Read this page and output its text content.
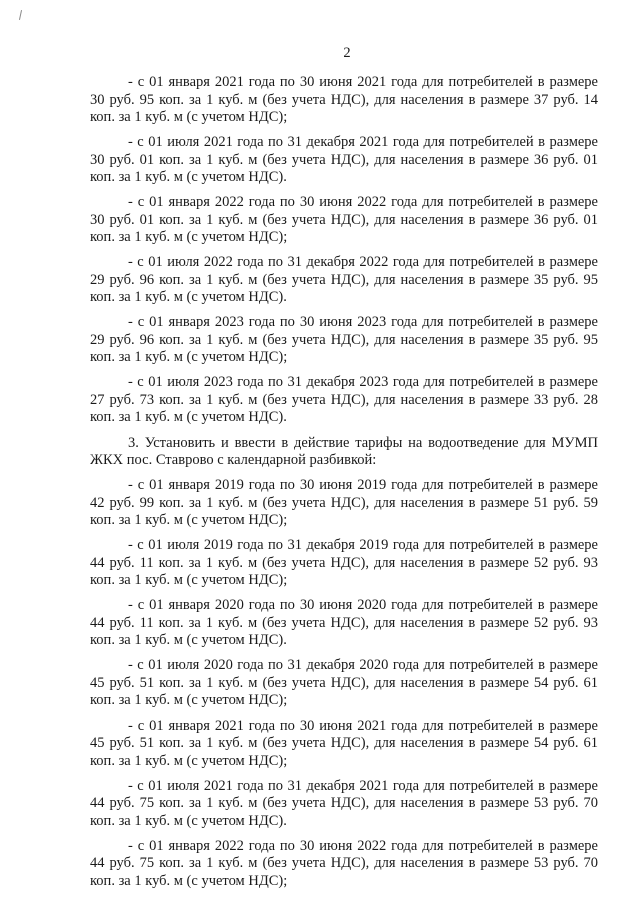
2

- с 01 января 2021 года по 30 июня 2021 года для потребителей в размере 30 руб. 95 коп. за 1 куб. м (без учета НДС), для населения в размере 37 руб. 14 коп. за 1 куб. м (с учетом НДС);

- с 01 июля 2021 года по 31 декабря 2021 года для потребителей в размере 30 руб. 01 коп. за 1 куб. м (без учета НДС), для населения в размере 36 руб. 01 коп. за 1 куб. м (с учетом НДС).

- с 01 января 2022 года по 30 июня 2022 года для потребителей в размере 30 руб. 01 коп. за 1 куб. м (без учета НДС), для населения в размере 36 руб. 01 коп. за 1 куб. м (с учетом НДС);

- с 01 июля 2022 года по 31 декабря 2022 года для потребителей в размере 29 руб. 96 коп. за 1 куб. м (без учета НДС), для населения в размере 35 руб. 95 коп. за 1 куб. м (с учетом НДС).

- с 01 января 2023 года по 30 июня 2023 года для потребителей в размере 29 руб. 96 коп. за 1 куб. м (без учета НДС), для населения в размере 35 руб. 95 коп. за 1 куб. м (с учетом НДС);

- с 01 июля 2023 года по 31 декабря 2023 года для потребителей в размере 27 руб. 73 коп. за 1 куб. м (без учета НДС), для населения в размере 33 руб. 28 коп. за 1 куб. м (с учетом НДС).

3. Установить и ввести в действие тарифы на водоотведение для МУМП ЖКХ пос. Ставрово с календарной разбивкой:

- с 01 января 2019 года по 30 июня 2019 года для потребителей в размере 42 руб. 99 коп. за 1 куб. м (без учета НДС), для населения в размере 51 руб. 59 коп. за 1 куб. м (с учетом НДС);

- с 01 июля 2019 года по 31 декабря 2019 года для потребителей в размере 44 руб. 11 коп. за 1 куб. м (без учета НДС), для населения в размере 52 руб. 93 коп. за 1 куб. м (с учетом НДС);

- с 01 января 2020 года по 30 июня 2020 года для потребителей в размере 44 руб. 11 коп. за 1 куб. м (без учета НДС), для населения в размере 52 руб. 93 коп. за 1 куб. м (с учетом НДС).

- с 01 июля 2020 года по 31 декабря 2020 года для потребителей в размере 45 руб. 51 коп. за 1 куб. м (без учета НДС), для населения в размере 54 руб. 61 коп. за 1 куб. м (с учетом НДС);

- с 01 января 2021 года по 30 июня 2021 года для потребителей в размере 45 руб. 51 коп. за 1 куб. м (без учета НДС), для населения в размере 54 руб. 61 коп. за 1 куб. м (с учетом НДС);

- с 01 июля 2021 года по 31 декабря 2021 года для потребителей в размере 44 руб. 75 коп. за 1 куб. м (без учета НДС), для населения в размере 53 руб. 70 коп. за 1 куб. м (с учетом НДС).

- с 01 января 2022 года по 30 июня 2022 года для потребителей в размере 44 руб. 75 коп. за 1 куб. м (без учета НДС), для населения в размере 53 руб. 70 коп. за 1 куб. м (с учетом НДС);
